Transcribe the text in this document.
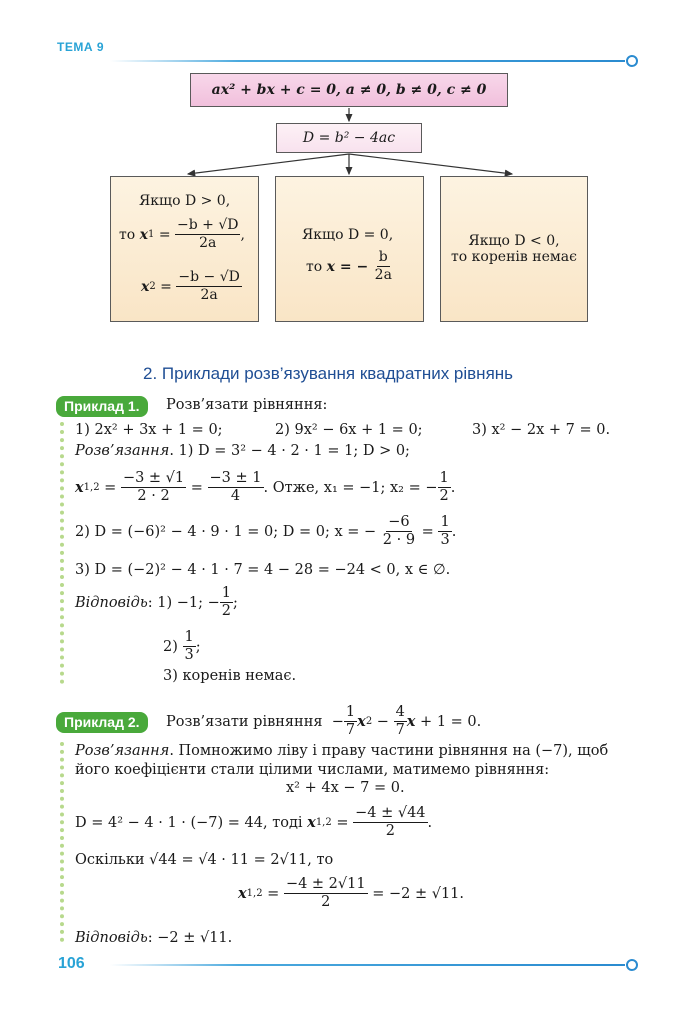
ТЕМА 9
ax² + bx + c = 0, a ≠ 0, b ≠ 0, c ≠ 0
D = b² − 4ac
Якщо D > 0,
то
x $1 = \frac{-b + √D}{2a}$ ,
x $2 = \frac{-b - √D}{2a}$
Якщо D = 0,
то
x = −
$\frac{b}{2a}$
Якщо D < 0,
то коренів немає
2. Приклади розв’язування квадратних рівнянь
Приклад 1.	Розв’язати рівняння:
1) 2x² + 3x + 1 = 0;	2) 9x² − 6x + 1 = 0;	3) x² − 2x + 7 = 0.
Розв’язання. 1) D = 3² − 4 · 2 · 1 = 1; D > 0;
x $1,2 = \frac{-3 \pm √1}{2 \cdot 2} = \frac{-3 \pm 1}{4}$ . Отже, x₁ = −1; x₂ = − $\frac{1}{2}$ .
2) D = (−6)² − 4 · 9 · 1 = 0; D = 0; x = −
$\frac{-6}{2 \cdot 9} = \frac{1}{3}$ .
3) D = (−2)² − 4 · 1 · 7 = 4 − 28 = −24 < 0, x ∈ ∅.
Відповідь : 1) −1; − $\frac{1}{2}$ ;
2)
$\frac{1}{3}$ ;
3) коренів немає.
Приклад 2.	Розв’язати рівняння − $\frac{1}{7}$ x $2 - \frac{4}{7}$ x + 1 = 0.
Розв’язання. Помножимо ліву і праву частини рівняння на (−7), щоб
його коефіцієнти стали цілими числами, матимемо рівняння:
x² + 4x − 7 = 0.
D = 4² − 4 · 1 · (−7) = 44, тоді
x $1,2 = \frac{-4 \pm √44}{2}$ .
Оскільки √44 = √4 · 11 = 2√11, то
x $1,2 = \frac{-4 \pm 2√11}{2}$
= −2 ± √11.
Відповідь: −2 ± √11.
106
